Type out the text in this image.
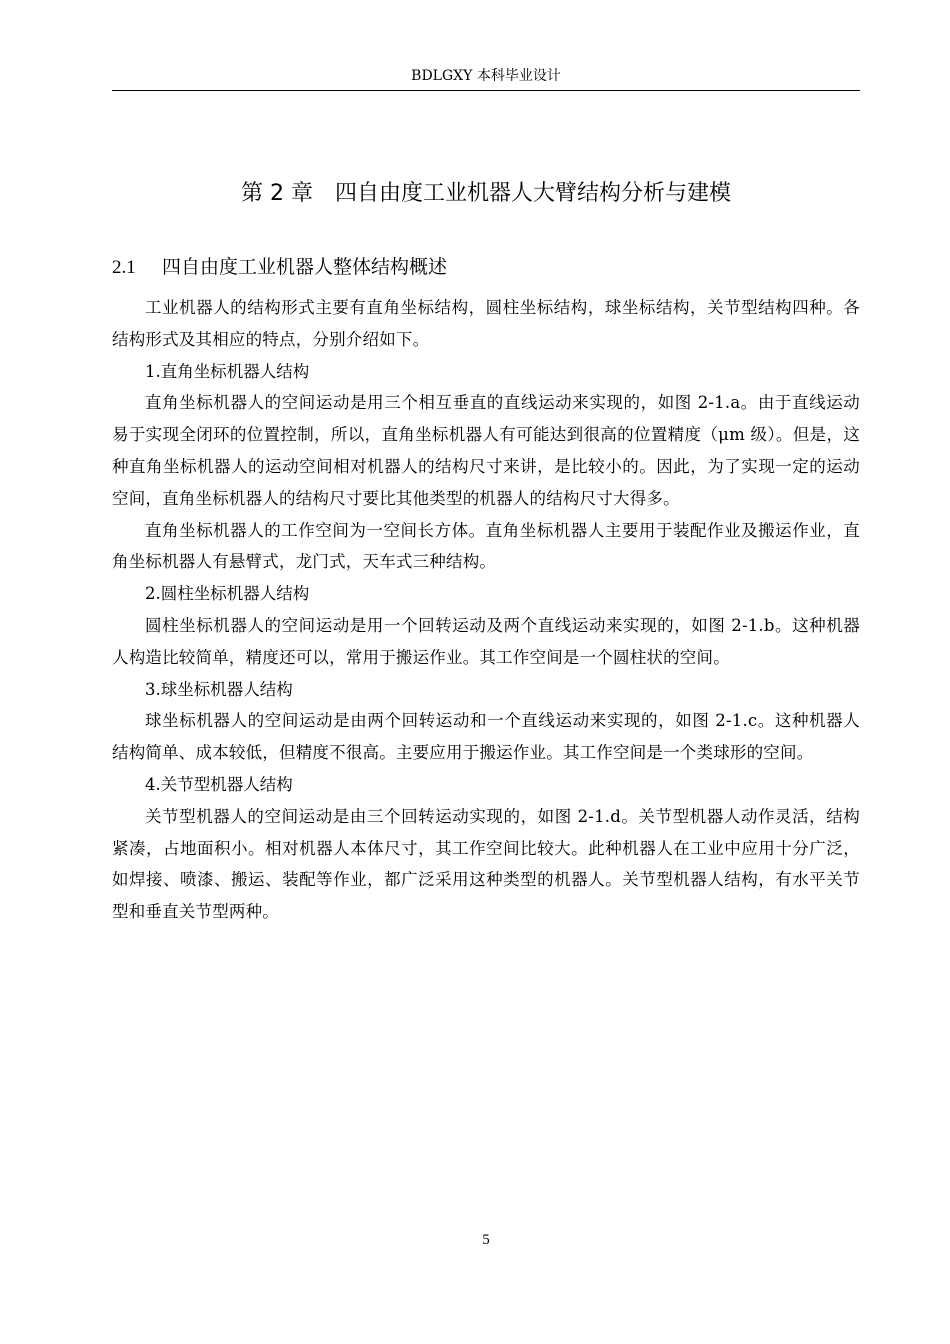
BDLGXY 本科毕业设计
第 2 章　四自由度工业机器人大臂结构分析与建模
2.1 四自由度工业机器人整体结构概述

工业机器人的结构形式主要有直角坐标结构，圆柱坐标结构，球坐标结构，关节型结构四种。各结构形式及其相应的特点，分别介绍如下。

1.直角坐标机器人结构

直角坐标机器人的空间运动是用三个相互垂直的直线运动来实现的，如图 2-1.a。由于直线运动易于实现全闭环的位置控制，所以，直角坐标机器人有可能达到很高的位置精度（μm 级）。但是，这种直角坐标机器人的运动空间相对机器人的结构尺寸来讲，是比较小的。因此，为了实现一定的运动空间，直角坐标机器人的结构尺寸要比其他类型的机器人的结构尺寸大得多。

直角坐标机器人的工作空间为一空间长方体。直角坐标机器人主要用于装配作业及搬运作业，直角坐标机器人有悬臂式，龙门式，天车式三种结构。

2.圆柱坐标机器人结构

圆柱坐标机器人的空间运动是用一个回转运动及两个直线运动来实现的，如图 2-1.b。这种机器人构造比较简单，精度还可以，常用于搬运作业。其工作空间是一个圆柱状的空间。

3.球坐标机器人结构

球坐标机器人的空间运动是由两个回转运动和一个直线运动来实现的，如图 2-1.c。这种机器人结构简单、成本较低，但精度不很高。主要应用于搬运作业。其工作空间是一个类球形的空间。

4.关节型机器人结构

关节型机器人的空间运动是由三个回转运动实现的，如图 2-1.d。关节型机器人动作灵活，结构紧凑，占地面积小。相对机器人本体尺寸，其工作空间比较大。此种机器人在工业中应用十分广泛，如焊接、喷漆、搬运、装配等作业，都广泛采用这种类型的机器人。关节型机器人结构，有水平关节型和垂直关节型两种。

5
